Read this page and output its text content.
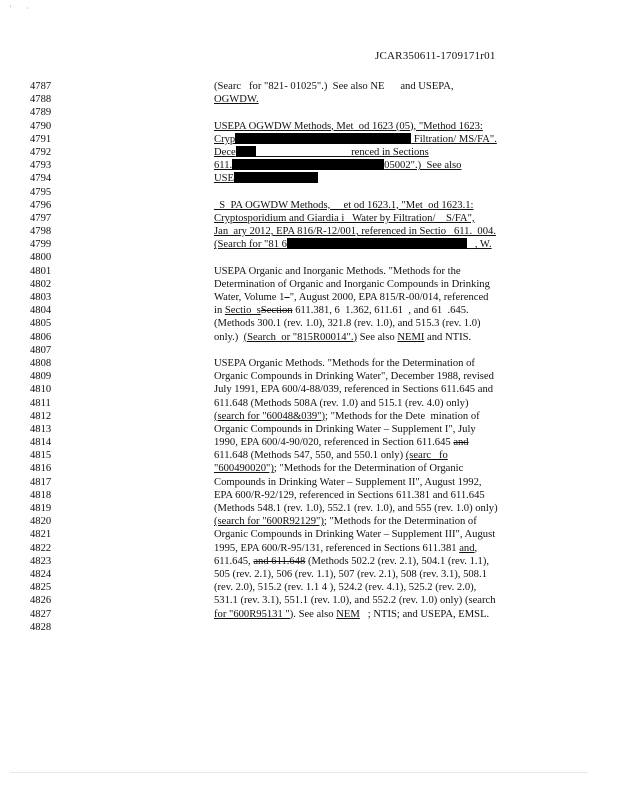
' ·
JCAR350611-1709171r01
4787	(Searc   for "821‐ 01025".)  See also NE      and USEPA,
4788	OGWDW.
4789
4790	USEPA OGWDW Methods, Met  od 1623 (05), "Method 1623:
4791	Cryp	Filtration/ MS/FA".
4792	Dece                                    renced in Sections
4793	611.	05002".)  See also
4794	USE
4795
4796	S  PA OGWDW Methods,     et od 1623.1, "Met  od 1623.1:
4797	Cryptosporidium and Giardia i   Water by Filtration/    S/FA",
4798	Jan  ary 2012, EPA 816/R-12/001, referenced in Sectio   611.  004.
4799	(Search for "81 6	, W.
4800
4801	USEPA Organic and Inorganic Methods. "Methods for the
4802	Determination of Organic and Inorganic Compounds in Drinking
4803	Water, Volume 1 ", August 2000, EPA 815/R-00/014, referenced
4804	in Sectio  sSection 611.381, 6  1.362, 611.61  , and 61  .645.
4805	(Methods 300.1 (rev. 1.0), 321.8 (rev. 1.0), and 515.3 (rev. 1.0)
4806	only.)  (Search  or "815R00014".) See also NEMI and NTIS.
4807
4808	USEPA Organic Methods. "Methods for the Determination of
4809	Organic Compounds in Drinking Water", December 1988, revised
4810	July 1991, EPA 600/4-88/039, referenced in Sections 611.645 and
4811	611.648 (Methods 508A (rev. 1.0) and 515.1 (rev. 4.0) only)
4812	(search for "60048&039"); "Methods for the Dete  mination of
4813	Organic Compounds in Drinking Water – Supplement I", July
4814	1990, EPA 600/4-90/020, referenced in Section 611.645 and
4815	611.648 (Methods 547, 550, and 550.1 only) (searc   fo
4816	"600490020"); "Methods for the Determination of Organic
4817	Compounds in Drinking Water – Supplement II", August 1992,
4818	EPA 600/R-92/129, referenced in Sections 611.381 and 611.645
4819	(Methods 548.1 (rev. 1.0), 552.1 (rev. 1.0), and 555 (rev. 1.0) only)
4820	(search for "600R92129"); "Methods for the Determination of
4821	Organic Compounds in Drinking Water – Supplement III", August
4822	1995, EPA 600/R-95/131, referenced in Sections 611.381 and,
4823	611.645, and 611.648 (Methods 502.2 (rev. 2.1), 504.1 (rev. 1.1),
4824	505 (rev. 2.1), 506 (rev. 1.1), 507 (rev. 2.1), 508 (rev. 3.1), 508.1
4825	(rev. 2.0), 515.2 (rev. 1.1 4 ), 524.2 (rev. 4.1), 525.2 (rev. 2.0),
4826	531.1 (rev. 3.1), 551.1 (rev. 1.0), and 552.2 (rev. 1.0) only) (search
4827	for "600R95131 "). See also NEM   ; NTIS; and USEPA, EMSL.
4828
